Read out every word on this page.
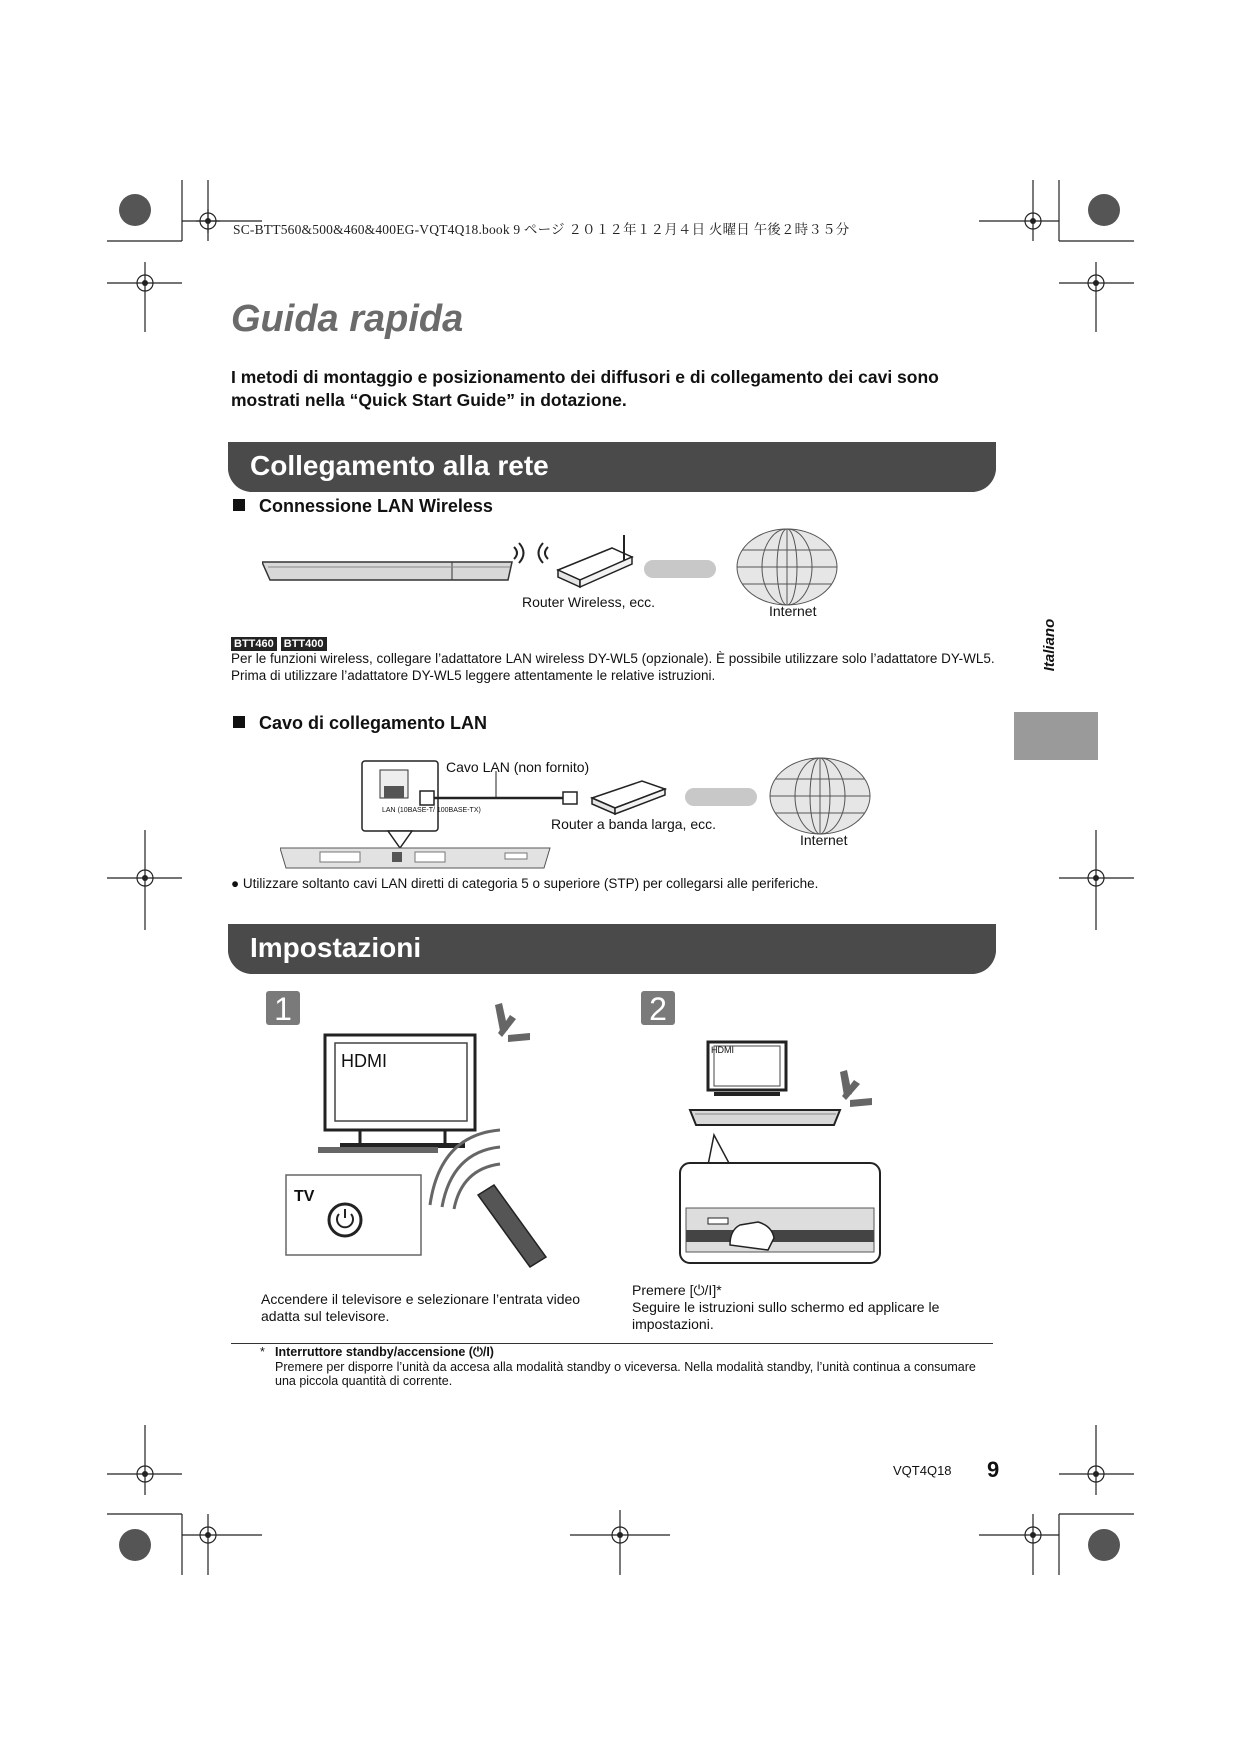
SC-BTT560&500&460&400EG-VQT4Q18.book 9 ページ ２０１２年１２月４日 火曜日 午後２時３５分
Guida rapida
I metodi di montaggio e posizionamento dei diffusori e di collegamento dei cavi sono mostrati nella “Quick Start Guide” in dotazione.
Italiano
Collegamento alla rete
Connessione LAN Wireless
Router Wireless, ecc.
Internet
BTT460 BTT400
Per le funzioni wireless, collegare l’adattatore LAN wireless DY-WL5 (opzionale). È possibile utilizzare solo l’adattatore DY-WL5.
Prima di utilizzare l’adattatore DY-WL5 leggere attentamente le relative istruzioni.
Cavo di collegamento LAN
LAN (10BASE-T/ 100BASE-TX)
Cavo LAN (non fornito)
Router a banda larga, ecc.
Internet
● Utilizzare soltanto cavi LAN diretti di categoria 5 o superiore (STP) per collegarsi alle periferiche.
Impostazioni
1
HDMI
TV
Accendere il televisore e selezionare l’entrata video adatta sul televisore.
2
HDMI
Premere [⏻/I]*
Seguire le istruzioni sullo schermo ed applicare le impostazioni.
* Interruttore standby/accensione (⏻/I)
Premere per disporre l’unità da accesa alla modalità standby o viceversa. Nella modalità standby, l’unità continua a consumare una piccola quantità di corrente.
VQT4Q18 9
